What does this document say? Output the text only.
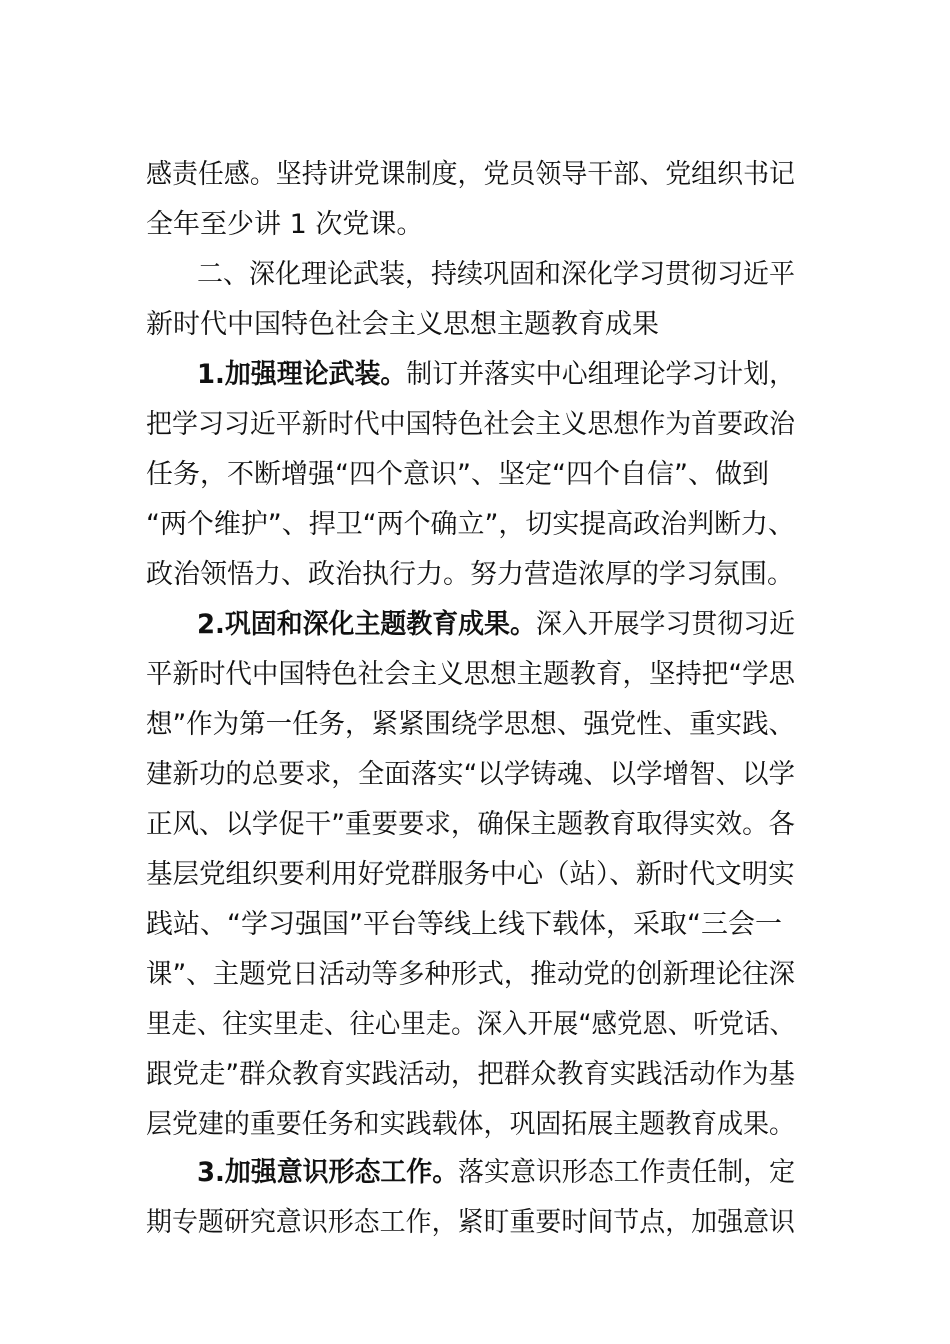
感责任感。坚持讲党课制度，党员领导干部、党组织书记
全年至少讲 1 次党课。
二、深化理论武装，持续巩固和深化学习贯彻习近平
新时代中国特色社会主义思想主题教育成果
1.加强理论武装。制订并落实中心组理论学习计划，
把学习习近平新时代中国特色社会主义思想作为首要政治
任务，不断增强“四个意识”、坚定“四个自信”、做到
“两个维护”、捍卫“两个确立”，切实提高政治判断力、
政治领悟力、政治执行力。努力营造浓厚的学习氛围。
2.巩固和深化主题教育成果。深入开展学习贯彻习近
平新时代中国特色社会主义思想主题教育，坚持把“学思
想”作为第一任务，紧紧围绕学思想、强党性、重实践、
建新功的总要求，全面落实“以学铸魂、以学增智、以学
正风、以学促干”重要要求，确保主题教育取得实效。各
基层党组织要利用好党群服务中心（站）、新时代文明实
践站、“学习强国”平台等线上线下载体，采取“三会一
课”、主题党日活动等多种形式，推动党的创新理论往深
里走、往实里走、往心里走。深入开展“感党恩、听党话、
跟党走”群众教育实践活动，把群众教育实践活动作为基
层党建的重要任务和实践载体，巩固拓展主题教育成果。
3.加强意识形态工作。落实意识形态工作责任制，定
期专题研究意识形态工作，紧盯重要时间节点，加强意识
